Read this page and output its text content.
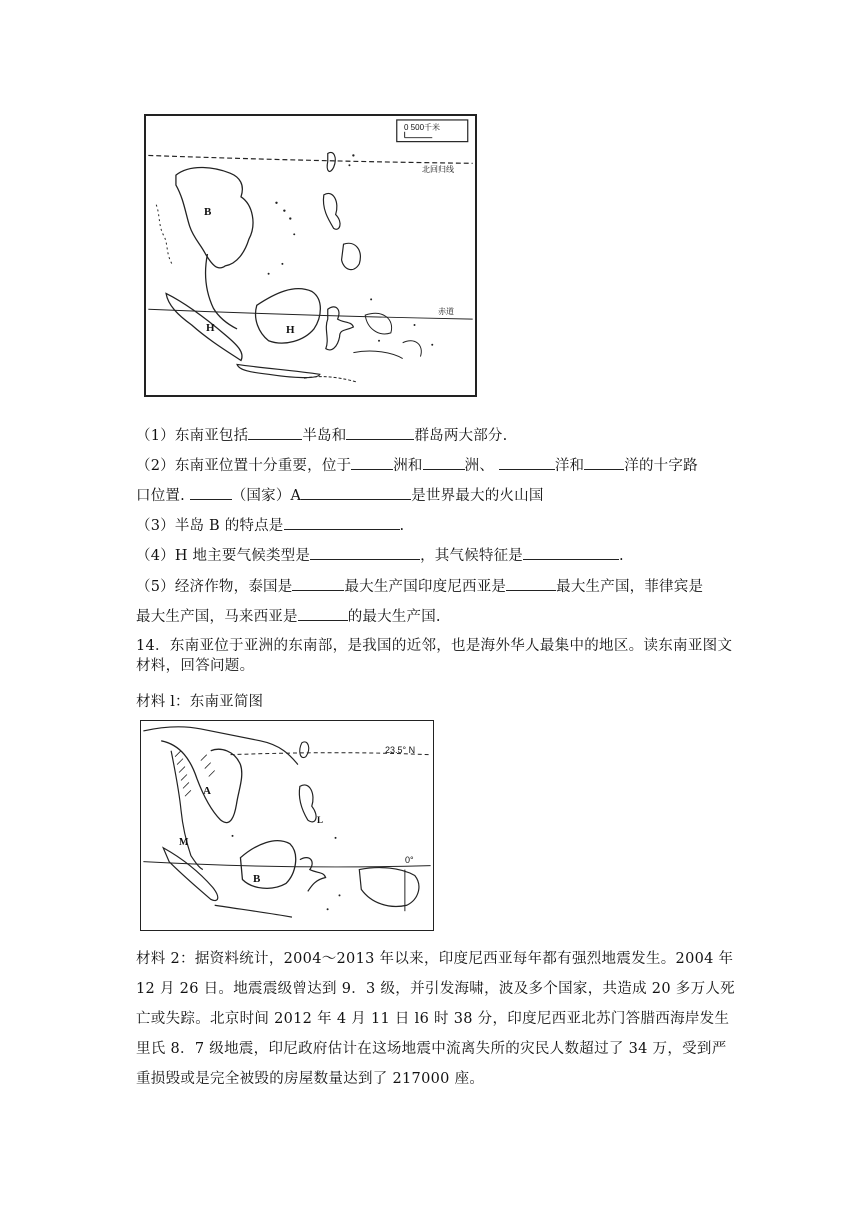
0 500千米
北回归线
赤道
B
H	H
（1）东南亚包括	半岛和	群岛两大部分.
（2）东南亚位置十分重要，位于	洲和	洲、	洋和	洋的十字路
口位置.	（国家）A	是世界最大的火山国
（3）半岛 B 的特点是	.
（4）H 地主要气候类型是	，其气候特征是	.
（5）经济作物，泰国是	最大生产国印度尼西亚是	最大生产国，菲律宾是
最大生产国，马来西亚是	的最大生产国.
14．东南亚位于亚洲的东南部，是我国的近邻，也是海外华人最集中的地区。读东南亚图文材料，回答问题。
材料 l：东南亚简图
23.5° N
0°
A
B
M
L
材料 2：据资料统计，2004～2013 年以来，印度尼西亚每年都有强烈地震发生。2004 年 12 月 26 日。地震震级曾达到 9．3 级，并引发海啸，波及多个国家，共造成 20 多万人死亡或失踪。北京时间 2012 年 4 月 11 日 l6 时 38 分，印度尼西亚北苏门答腊西海岸发生里氏 8．7 级地震，印尼政府估计在这场地震中流离失所的灾民人数超过了 34 万，受到严重损毁或是完全被毁的房屋数量达到了 217000 座。
